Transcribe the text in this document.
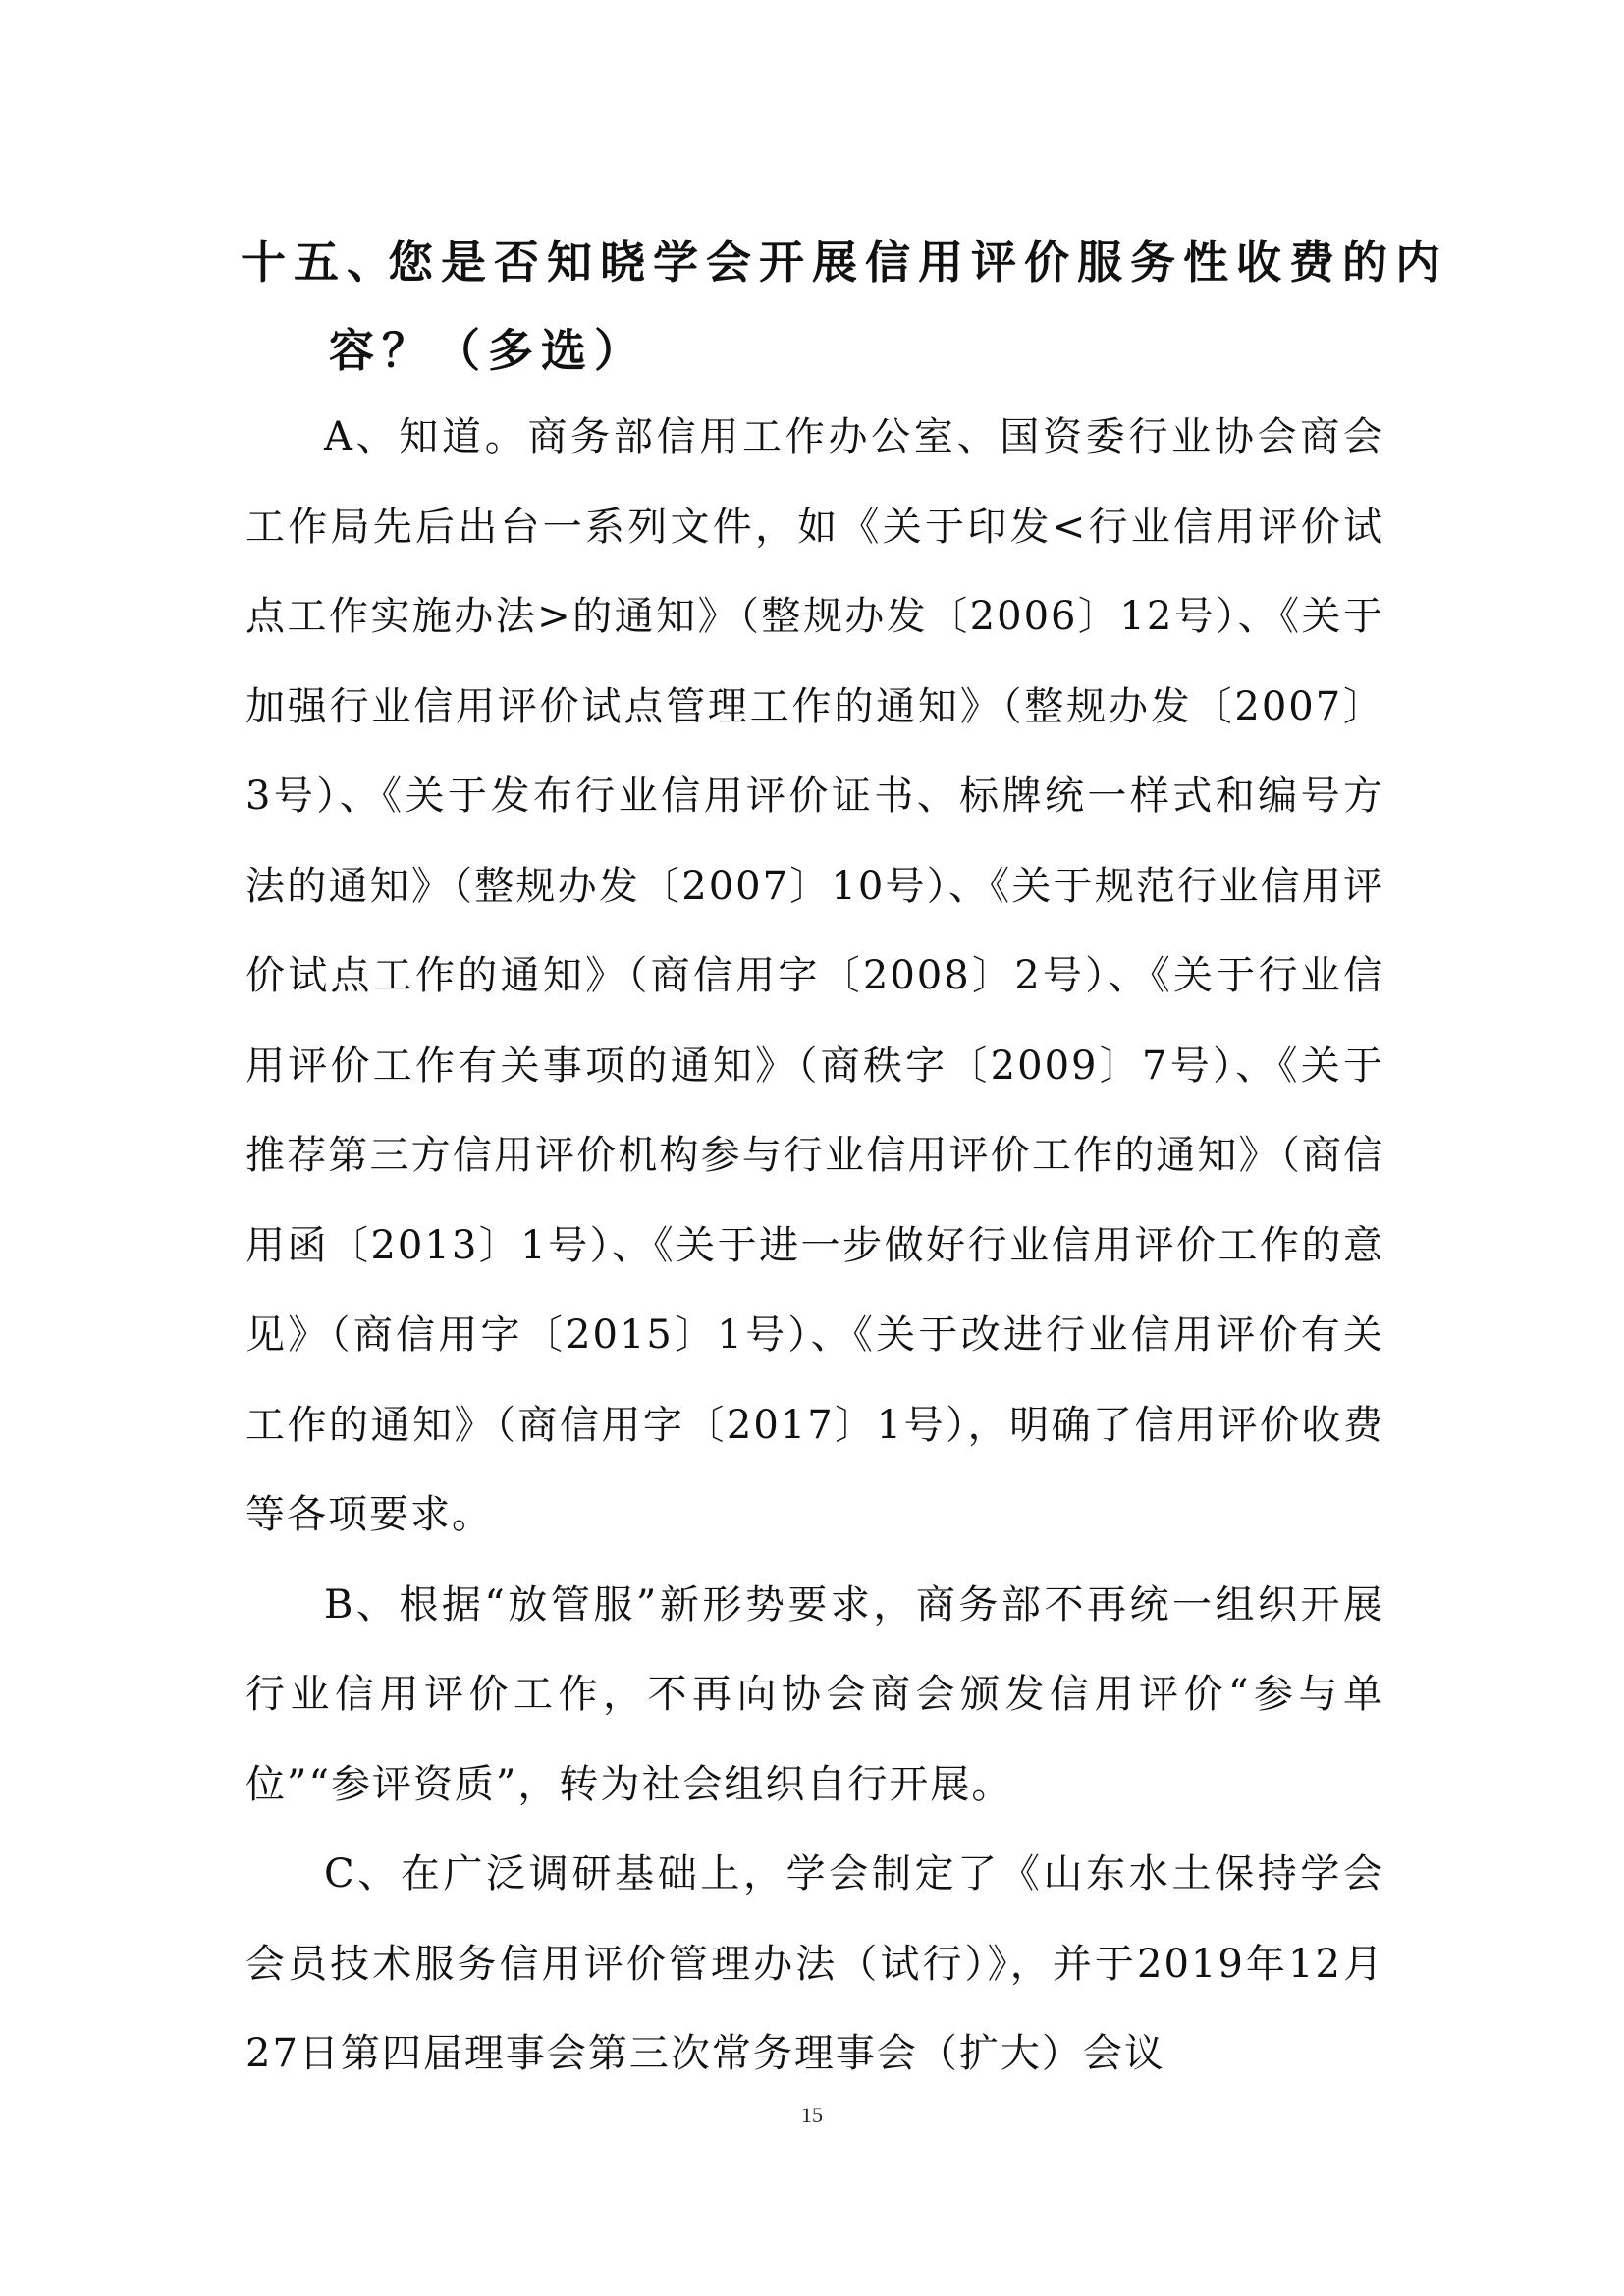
十五、您是否知晓学会开展信用评价服务性收费的内
容？（多选）

A、知道。商务部信用工作办公室、国资委行业协会商会工作局先后出台一系列文件，如《关于印发<行业信用评价试点工作实施办法>的通知》（整规办发〔2006〕12号）、《关于加强行业信用评价试点管理工作的通知》（整规办发〔2007〕3号）、《关于发布行业信用评价证书、标牌统一样式和编号方法的通知》（整规办发〔2007〕10号）、《关于规范行业信用评价试点工作的通知》（商信用字〔2008〕2号）、《关于行业信用评价工作有关事项的通知》（商秩字〔2009〕7号）、《关于推荐第三方信用评价机构参与行业信用评价工作的通知》（商信用函〔2013〕1号）、《关于进一步做好行业信用评价工作的意见》（商信用字〔2015〕1号）、《关于改进行业信用评价有关工作的通知》（商信用字〔2017〕1号），明确了信用评价收费等各项要求。

B、根据“放管服”新形势要求，商务部不再统一组织开展行业信用评价工作，不再向协会商会颁发信用评价“参与单位”“参评资质”，转为社会组织自行开展。

C、在广泛调研基础上，学会制定了《山东水土保持学会会员技术服务信用评价管理办法（试行）》，并于2019年12月27日第四届理事会第三次常务理事会（扩大）会议

15
